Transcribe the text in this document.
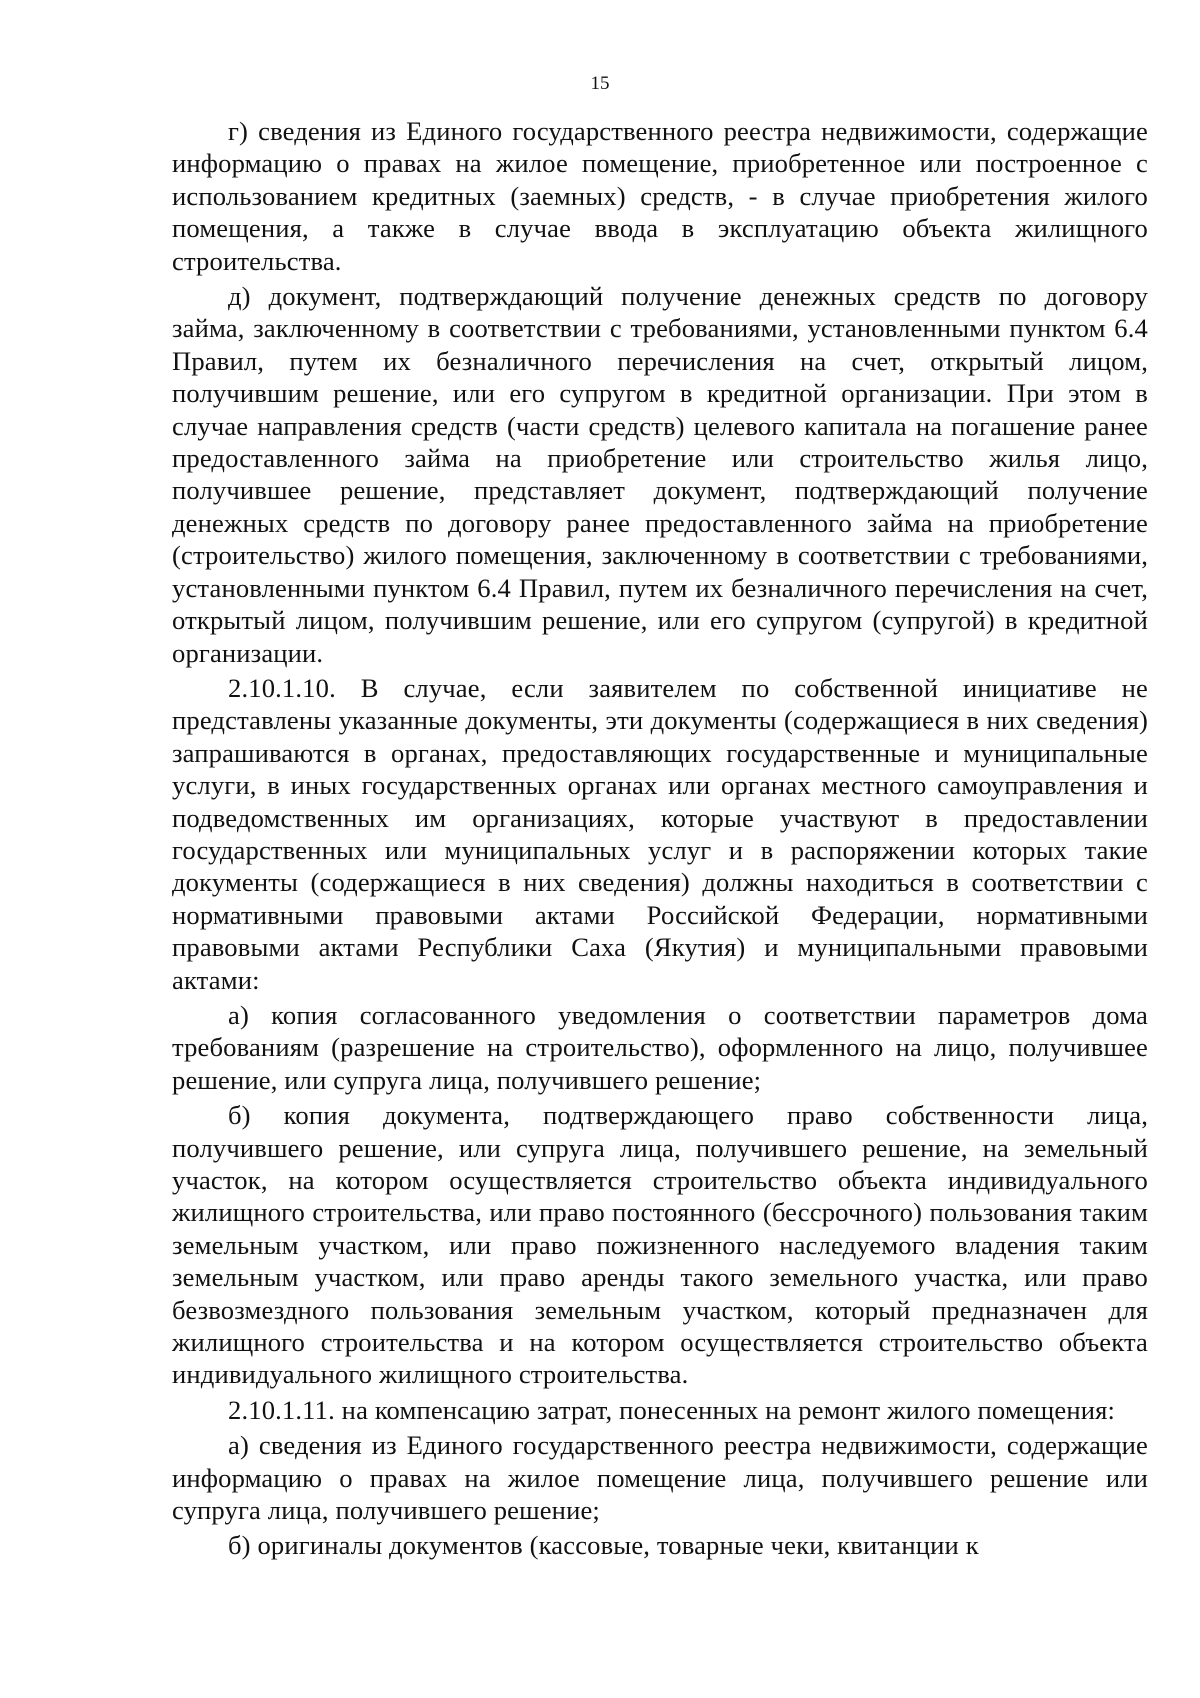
15

г) сведения из Единого государственного реестра недвижимости, содержащие информацию о правах на жилое помещение, приобретенное или построенное с использованием кредитных (заемных) средств, - в случае приобретения жилого помещения, а также в случае ввода в эксплуатацию объекта жилищного строительства.

д) документ, подтверждающий получение денежных средств по договору займа, заключенному в соответствии с требованиями, установленными пунктом 6.4 Правил, путем их безналичного перечисления на счет, открытый лицом, получившим решение, или его супругом в кредитной организации. При этом в случае направления средств (части средств) целевого капитала на погашение ранее предоставленного займа на приобретение или строительство жилья лицо, получившее решение, представляет документ, подтверждающий получение денежных средств по договору ранее предоставленного займа на приобретение (строительство) жилого помещения, заключенному в соответствии с требованиями, установленными пунктом 6.4 Правил, путем их безналичного перечисления на счет, открытый лицом, получившим решение, или его супругом (супругой) в кредитной организации.

2.10.1.10. В случае, если заявителем по собственной инициативе не представлены указанные документы, эти документы (содержащиеся в них сведения) запрашиваются в органах, предоставляющих государственные и муниципальные услуги, в иных государственных органах или органах местного самоуправления и подведомственных им организациях, которые участвуют в предоставлении государственных или муниципальных услуг и в распоряжении которых такие документы (содержащиеся в них сведения) должны находиться в соответствии с нормативными правовыми актами Российской Федерации, нормативными правовыми актами Республики Саха (Якутия) и муниципальными правовыми актами:

а) копия согласованного уведомления о соответствии параметров дома требованиям (разрешение на строительство), оформленного на лицо, получившее решение, или супруга лица, получившего решение;

б) копия документа, подтверждающего право собственности лица, получившего решение, или супруга лица, получившего решение, на земельный участок, на котором осуществляется строительство объекта индивидуального жилищного строительства, или право постоянного (бессрочного) пользования таким земельным участком, или право пожизненного наследуемого владения таким земельным участком, или право аренды такого земельного участка, или право безвозмездного пользования земельным участком, который предназначен для жилищного строительства и на котором осуществляется строительство объекта индивидуального жилищного строительства.

2.10.1.11. на компенсацию затрат, понесенных на ремонт жилого помещения:

а) сведения из Единого государственного реестра недвижимости, содержащие информацию о правах на жилое помещение лица, получившего решение или супруга лица, получившего решение;

б) оригиналы документов (кассовые, товарные чеки, квитанции к
